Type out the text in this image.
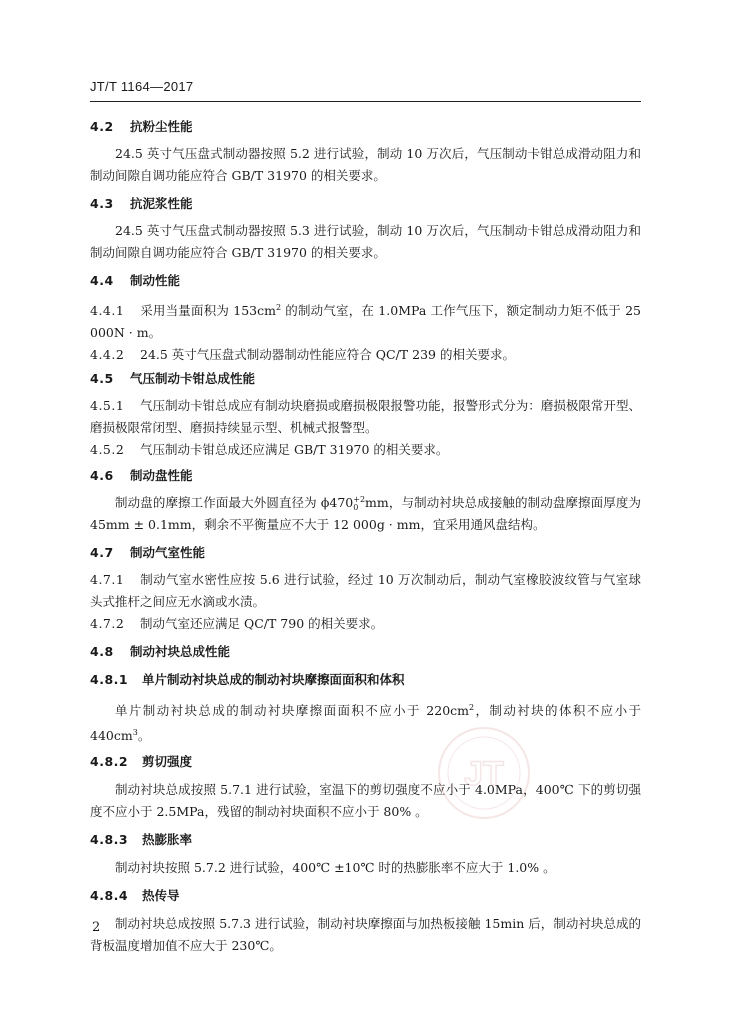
JT/T 1164—2017
4.2 抗粉尘性能

24.5 英寸气压盘式制动器按照 5.2 进行试验，制动 10 万次后，气压制动卡钳总成滑动阻力和制动间隙自调功能应符合 GB/T 31970 的相关要求。

4.3 抗泥浆性能

24.5 英寸气压盘式制动器按照 5.3 进行试验，制动 10 万次后，气压制动卡钳总成滑动阻力和制动间隙自调功能应符合 GB/T 31970 的相关要求。

4.4 制动性能

4.4.1 采用当量面积为 $153cm^2$ 的制动气室，在 1.0MPa 工作气压下，额定制动力矩不低于 25 000N · m。

4.4.2 24.5 英寸气压盘式制动器制动性能应符合 QC/T 239 的相关要求。

4.5 气压制动卡钳总成性能

4.5.1 气压制动卡钳总成应有制动块磨损或磨损极限报警功能，报警形式分为：磨损极限常开型、磨损极限常闭型、磨损持续显示型、机械式报警型。

4.5.2 气压制动卡钳总成还应满足 GB/T 31970 的相关要求。

4.6 制动盘性能

制动盘的摩擦工作面最大外圆直径为 ϕ470 +2
0 mm，与制动衬块总成接触的制动盘摩擦面厚度为 45mm ± 0.1mm，剩余不平衡量应不大于 12 000g · mm，宜采用通风盘结构。

4.7 制动气室性能

4.7.1 制动气室水密性应按 5.6 进行试验，经过 10 万次制动后，制动气室橡胶波纹管与气室球头式推杆之间应无水滴或水渍。

4.7.2 制动气室还应满足 QC/T 790 的相关要求。

4.8 制动衬块总成性能
4.8.1 单片制动衬块总成的制动衬块摩擦面面积和体积

单片制动衬块总成的制动衬块摩擦面面积不应小于 $220cm^2$，制动衬块的体积不应小于 $440cm^3$。

4.8.2 剪切强度

制动衬块总成按照 5.7.1 进行试验，室温下的剪切强度不应小于 4.0MPa，400℃ 下的剪切强度不应小于 2.5MPa，残留的制动衬块面积不应小于 80% 。

4.8.3 热膨胀率

制动衬块按照 5.7.2 进行试验，400℃ ±10℃ 时的热膨胀率不应大于 1.0% 。

4.8.4 热传导

制动衬块总成按照 5.7.3 进行试验，制动衬块摩擦面与加热板接触 15min 后，制动衬块总成的背板温度增加值不应大于 230℃。

JT
2
